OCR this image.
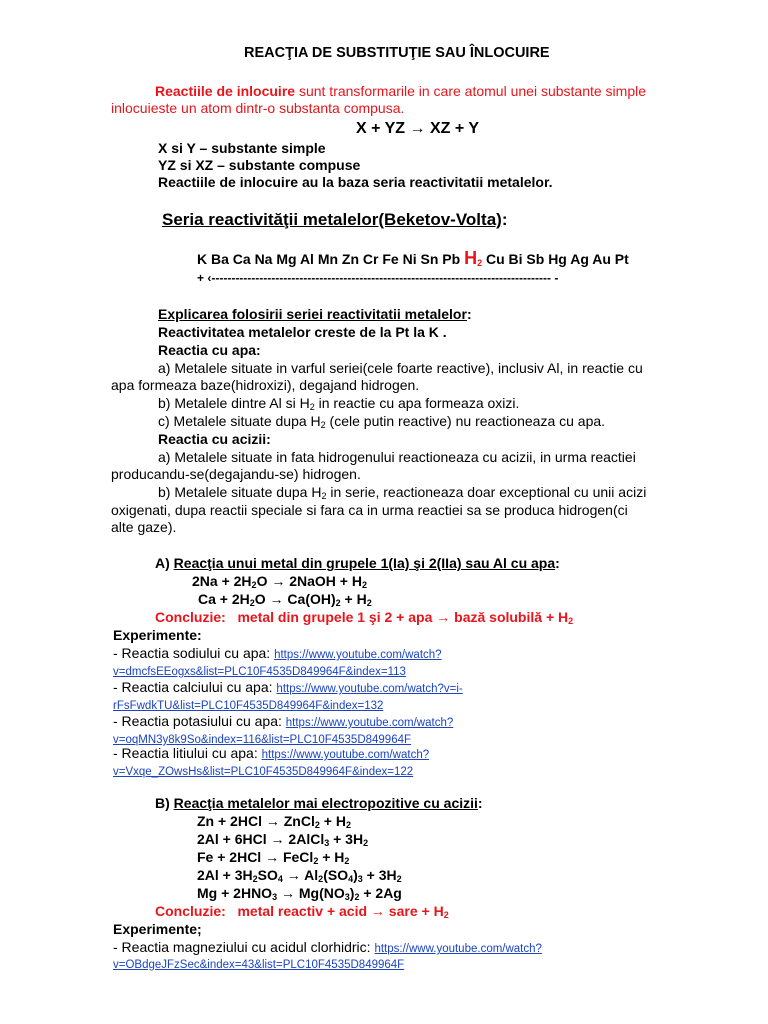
REACŢIA DE SUBSTITUŢIE SAU ÎNLOCUIRE
Reactiile de inlocuire sunt transformarile in care atomul unei substante simple
inlocuieste un atom dintr-o substanta compusa.
X + YZ → XZ + Y
X si Y – substante simple
YZ si XZ – substante compuse
Reactiile de inlocuire au la baza seria reactivitatii metalelor.
Seria reactivităţii metalelor(Beketov-Volta):
K Ba Ca Na Mg Al Mn Zn Cr Fe Ni Sn Pb $H_2$ Cu Bi Sb Hg Ag Au Pt
+ ‹------------------------------------------------------------------------------------- -
Explicarea folosirii seriei reactivitatii metalelor:
Reactivitatea metalelor creste de la Pt la K .
Reactia cu apa:
a) Metalele situate in varful seriei(cele foarte reactive), inclusiv Al, in reactie cu
apa formeaza baze(hidroxizi), degajand hidrogen.
b) Metalele dintre Al si $H_2$ in reactie cu apa formeaza oxizi.
c) Metalele situate dupa $H_2$ (cele putin reactive) nu reactioneaza cu apa.
Reactia cu acizii:
a) Metalele situate in fata hidrogenului reactioneaza cu acizii, in urma reactiei
producandu-se(degajandu-se) hidrogen.
b) Metalele situate dupa $H_2$ in serie, reactioneaza doar exceptional cu unii acizi
oxigenati, dupa reactii speciale si fara ca in urma reactiei sa se produca hidrogen(ci
alte gaze).
A) Reacţia unui metal din grupele 1(Ia) şi 2(IIa) sau Al cu apa:
$2Na + 2H_2O$ → 2NaOH + $H_2$
$Ca + 2H_2O \to Ca(OH)_2 + H_2$
Concluzie: metal din grupele 1 şi 2 + apa → bază solubilă + $H_2$
Experimente:
- Reactia sodiului cu apa: https://www.youtube.com/watch?
v=dmcfsEEogxs&list=PLC10F4535D849964F&index=113
- Reactia calciului cu apa: https://www.youtube.com/watch?v=i-
rFsFwdkTU&list=PLC10F4535D849964F&index=132
- Reactia potasiului cu apa: https://www.youtube.com/watch?
v=oqMN3y8k9So&index=116&list=PLC10F4535D849964F
- Reactia litiului cu apa: https://www.youtube.com/watch?
v=Vxqe_ZOwsHs&list=PLC10F4535D849964F&index=122
B) Reacţia metalelor mai electropozitive cu acizii:
Zn + 2HCl → ZnCl$_2$ + $H_2$
2Al + 6HCl → 2AlCl$_3$ + $3H_2$
Fe + 2HCl → FeCl$_2$ + $H_2$
$2Al + 3H_2SO_4 \to Al_2(SO_4)_3 + 3H_2$
$Mg + 2HNO_3 \to Mg(NO_3)_2 + 2Ag$
Concluzie: metal reactiv + acid → sare + $H_2$
Experimente;
- Reactia magneziului cu acidul clorhidric: https://www.youtube.com/watch?
v=OBdgeJFzSec&index=43&list=PLC10F4535D849964F
